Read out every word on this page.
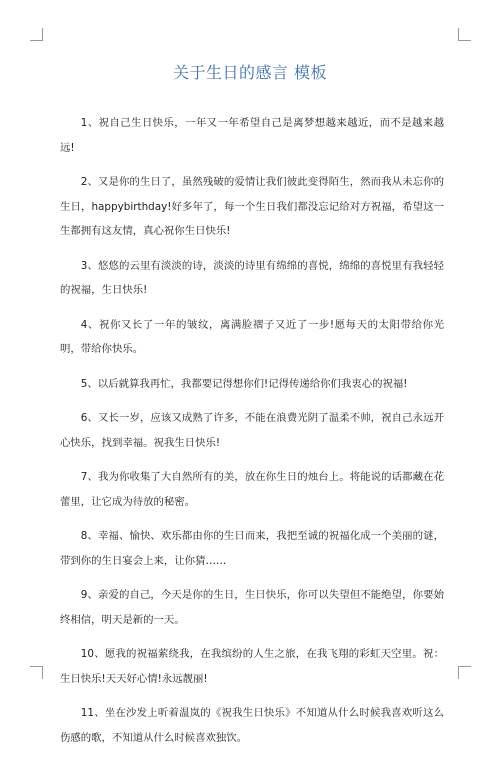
关于生日的感言 模板

1、祝自己生日快乐，一年又一年希望自己是离梦想越来越近，而不是越来越远!

2、又是你的生日了，虽然残破的爱情让我们彼此变得陌生，然而我从未忘你的生日，happybirthday!好多年了，每一个生日我们都没忘记给对方祝福，希望这一生都拥有这友情，真心祝你生日快乐!

3、悠悠的云里有淡淡的诗，淡淡的诗里有绵绵的喜悦，绵绵的喜悦里有我轻轻的祝福，生日快乐!

4、祝你又长了一年的皱纹，离满脸褶子又近了一步!愿每天的太阳带给你光明，带给你快乐。

5、以后就算我再忙，我都要记得想你们!记得传递给你们我衷心的祝福!

6、又长一岁，应该又成熟了许多，不能在浪费光阴了温柔不帅，祝自己永远开心快乐，找到幸福。祝我生日快乐!

7、我为你收集了大自然所有的美，放在你生日的烛台上。将能说的话都藏在花蕾里，让它成为待放的秘密。

8、幸福、愉快、欢乐都由你的生日而来，我把至诚的祝福化成一个美丽的谜，带到你的生日宴会上来，让你猜……

9、亲爱的自己，今天是你的生日，生日快乐，你可以失望但不能绝望，你要始终相信，明天是新的一天。

10、愿我的祝福萦绕我，在我缤纷的人生之旅，在我飞翔的彩虹天空里。祝：生日快乐!天天好心情!永远靓丽!

11、坐在沙发上听着温岚的《祝我生日快乐》不知道从什么时候我喜欢听这么伤感的歌，不知道从什么时候喜欢独饮。
